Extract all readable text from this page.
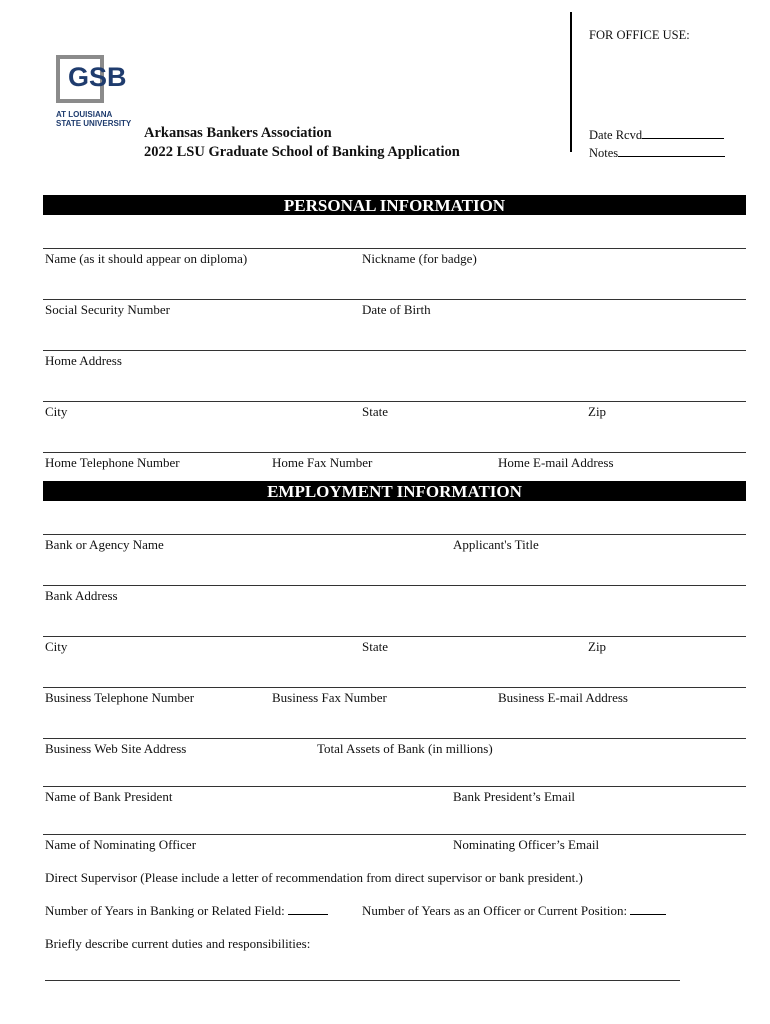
GSB
AT LOUISIANA
STATE UNIVERSITY
Arkansas Bankers Association
2022 LSU Graduate School of Banking Application
FOR OFFICE USE:
Date Rcvd
Notes
PERSONAL INFORMATION
Name (as it should appear on diploma)	Nickname (for badge)
Social Security Number	Date of Birth
Home Address
City	State	Zip
Home Telephone Number	Home Fax Number	Home E-mail Address
EMPLOYMENT INFORMATION
Bank or Agency Name	Applicant's Title
Bank Address
City	State	Zip
Business Telephone Number	Business Fax Number	Business E-mail Address
Business Web Site Address	Total Assets of Bank (in millions)
Name of Bank President	Bank President’s Email
Name of Nominating Officer	Nominating Officer’s Email
Direct Supervisor (Please include a letter of recommendation from direct supervisor or bank president.)
Number of Years in Banking or Related Field:	Number of Years as an Officer or Current Position:
Briefly describe current duties and responsibilities:
